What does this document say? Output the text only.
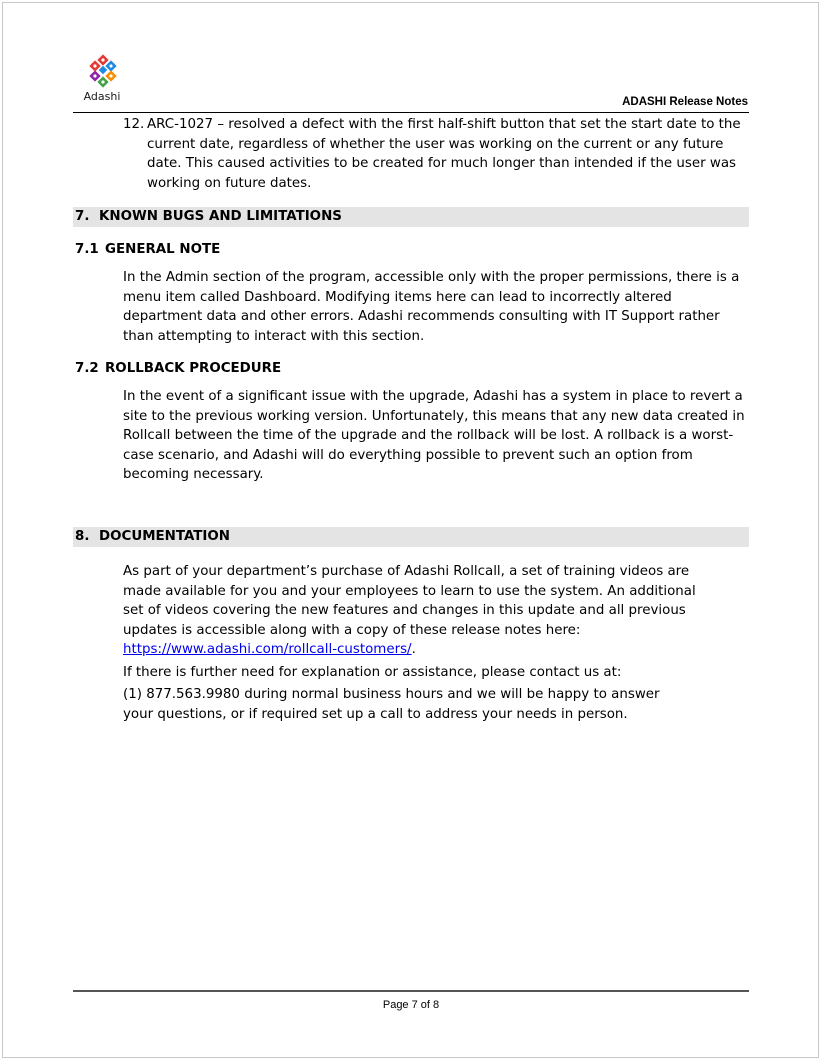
Adashi	ADASHI Release Notes
12. ARC-1027 – resolved a defect with the first half-shift button that set the start date to the current date, regardless of whether the user was working on the current or any future date. This caused activities to be created for much longer than intended if the user was working on future dates.
7. KNOWN BUGS AND LIMITATIONS
7.1 GENERAL NOTE
In the Admin section of the program, accessible only with the proper permissions, there is a menu item called Dashboard. Modifying items here can lead to incorrectly altered department data and other errors. Adashi recommends consulting with IT Support rather than attempting to interact with this section.
7.2 ROLLBACK PROCEDURE
In the event of a significant issue with the upgrade, Adashi has a system in place to revert a site to the previous working version. Unfortunately, this means that any new data created in Rollcall between the time of the upgrade and the rollback will be lost. A rollback is a worst-case scenario, and Adashi will do everything possible to prevent such an option from becoming necessary.
8. DOCUMENTATION
As part of your department’s purchase of Adashi Rollcall, a set of training videos are made available for you and your employees to learn to use the system. An additional set of videos covering the new features and changes in this update and all previous updates is accessible along with a copy of these release notes here:
https://www.adashi.com/rollcall-customers/.
If there is further need for explanation or assistance, please contact us at:
(1) 877.563.9980 during normal business hours and we will be happy to answer your questions, or if required set up a call to address your needs in person.
Page 7 of 8
